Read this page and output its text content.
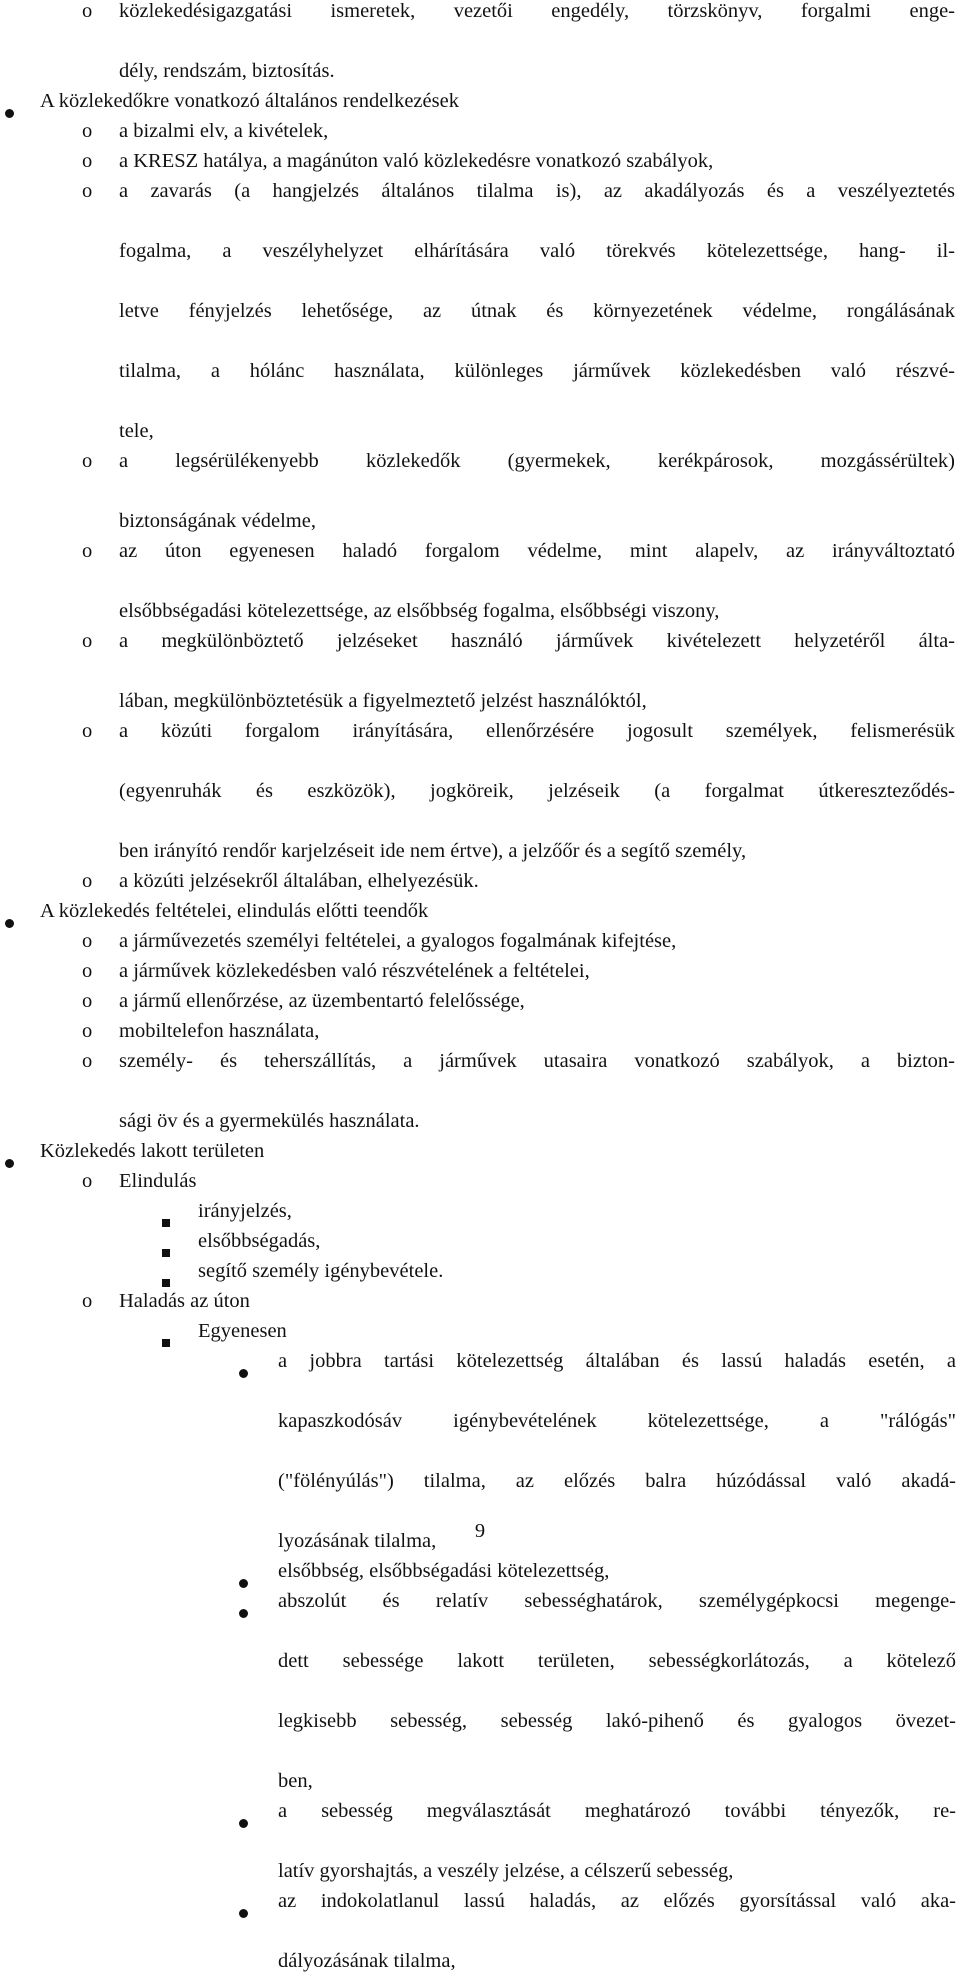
o közlekedésigazgatási ismeretek, vezetői engedély, törzskönyv, forgalmi enge-
dély, rendszám, biztosítás.
A közlekedőkre vonatkozó általános rendelkezések
o a bizalmi elv, a kivételek,
o a KRESZ hatálya, a magánúton való közlekedésre vonatkozó szabályok,
o a zavarás (a hangjelzés általános tilalma is), az akadályozás és a veszélyeztetés
fogalma, a veszélyhelyzet elhárítására való törekvés kötelezettsége, hang- il-
letve fényjelzés lehetősége, az útnak és környezetének védelme, rongálásának
tilalma, a hólánc használata, különleges járművek közlekedésben való részvé-
tele,
o a legsérülékenyebb közlekedők (gyermekek, kerékpárosok, mozgássérültek)
biztonságának védelme,
o az úton egyenesen haladó forgalom védelme, mint alapelv, az irányváltoztató
elsőbbségadási kötelezettsége, az elsőbbség fogalma, elsőbbségi viszony,
o a megkülönböztető jelzéseket használó járművek kivételezett helyzetéről álta-
lában, megkülönböztetésük a figyelmeztető jelzést használóktól,
o a közúti forgalom irányítására, ellenőrzésére jogosult személyek, felismerésük
(egyenruhák és eszközök), jogköreik, jelzéseik (a forgalmat útkereszteződés-
ben irányító rendőr karjelzéseit ide nem értve), a jelzőőr és a segítő személy,
o a közúti jelzésekről általában, elhelyezésük.
A közlekedés feltételei, elindulás előtti teendők
o a járművezetés személyi feltételei, a gyalogos fogalmának kifejtése,
o a járművek közlekedésben való részvételének a feltételei,
o a jármű ellenőrzése, az üzembentartó felelőssége,
o mobiltelefon használata,
o személy- és teherszállítás, a járművek utasaira vonatkozó szabályok, a bizton-
sági öv és a gyermekülés használata.
Közlekedés lakott területen
o Elindulás
irányjelzés,
elsőbbségadás,
segítő személy igénybevétele.
o Haladás az úton
Egyenesen
a jobbra tartási kötelezettség általában és lassú haladás esetén, a
kapaszkodósáv igénybevételének kötelezettsége, a "rálógás"
("fölényúlás") tilalma, az előzés balra húzódással való akadá-
lyozásának tilalma,
elsőbbség, elsőbbségadási kötelezettség,
abszolút és relatív sebességhatárok, személygépkocsi megenge-
dett sebessége lakott területen, sebességkorlátozás, a kötelező
legkisebb sebesség, sebesség lakó-pihenő és gyalogos övezet-
ben,
a sebesség megválasztását meghatározó további tényezők, re-
latív gyorshajtás, a veszély jelzése, a célszerű sebesség,
az indokolatlanul lassú haladás, az előzés gyorsítással való aka-
dályozásának tilalma,
9
